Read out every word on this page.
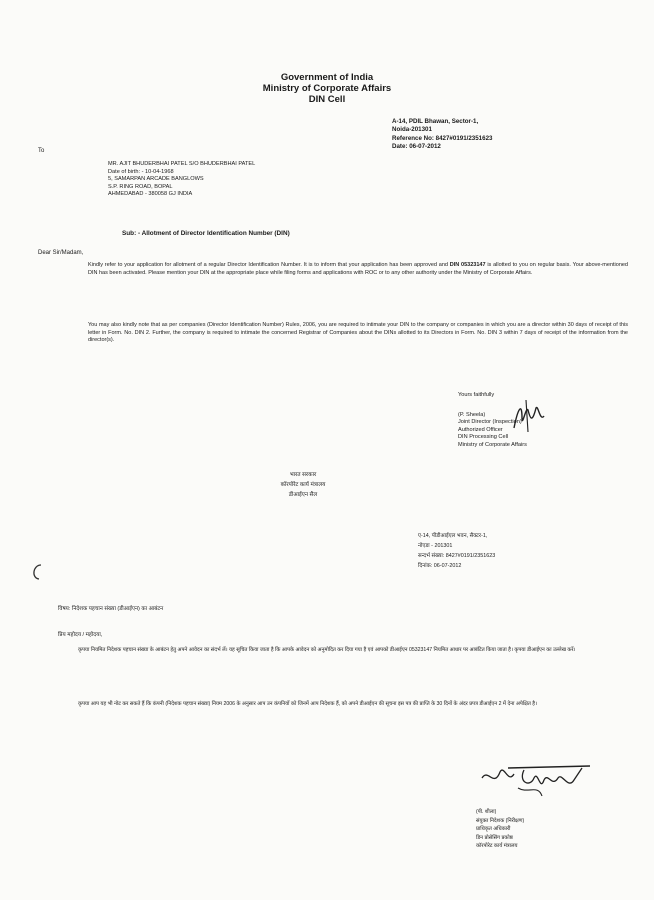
Government of India
Ministry of Corporate Affairs
DIN Cell
A-14, PDIL Bhawan, Sector-1,
Noida-201301
Reference No: 8427#0191/2351623
Date: 06-07-2012
To
MR. AJIT BHUDERBHAI PATEL S/O BHUDERBHAI PATEL
Date of birth: - 10-04-1968
5, SAMARPAN ARCADE BANGLOWS
S.P. RING ROAD, BOPAL
AHMEDABAD - 380058 GJ INDIA
Sub: - Allotment of Director Identification Number (DIN)
Dear Sir/Madam,
Kindly refer to your application for allotment of a regular Director Identification Number. It is to inform that your application has been approved and DIN 05323147 is allotted to you on regular basis. Your above-mentioned DIN has been activated. Please mention your DIN at the appropriate place while filing forms and applications with ROC or to any other authority under the Ministry of Corporate Affairs.
You may also kindly note that as per companies (Director Identification Number) Rules, 2006, you are required to intimate your DIN to the company or companies in which you are a director within 30 days of receipt of this letter in Form. No. DIN 2. Further, the company is required to intimate the concerned Registrar of Companies about the DINs allotted to its Directors in Form. No. DIN 3 within 7 days of receipt of the information from the director(s).
Yours faithfully
(P. Sheela)
Joint Director (Inspection)
Authorized Officer
DIN Processing Cell
Ministry of Corporate Affairs
भारत सरकार
कॉरपोरेट कार्य मंत्रालय
डीआईएन सैल
ए-14, पीडीआईएल भवन, सैक्टर-1,
नोएडा - 201301
सन्दर्भ संख्या: 8427#0191/2351623
दिनांक: 06-07-2012
विषय: निदेशक पहचान संख्या (डीआईएन) का आबंटन
प्रिय महोदय / महोदया,
कृपया नियमित निदेशक पहचान संख्या के आबंटन हेतु अपने आवेदन का संदर्भ लें। यह सूचित किया जाता है कि आपके आवेदन को अनुमोदित कर दिया गया है एवं आपको डीआईएन 05323147 नियमित आधार पर आबंटित किया जाता है। कृपया डीआईएन का उल्लेख करें।
कृपया आप यह भी नोट कर सकते हैं कि कंपनी (निदेशक पहचान संख्या) नियम 2006 के अनुसार आप उन कंपनियों को जिनमें आप निदेशक हैं, को अपने डीआईएन की सूचना इस पत्र की प्राप्ति के 30 दिनों के अंदर प्रपत्र डीआईएन 2 में देना अपेक्षित है।
(पी. शीला)
संयुक्त निदेशक (निरीक्षण)
प्राधिकृत अधिकारी
डिन प्रोसेसिंग प्रकोष्ठ
कॉरपोरेट कार्य मंत्रालय
